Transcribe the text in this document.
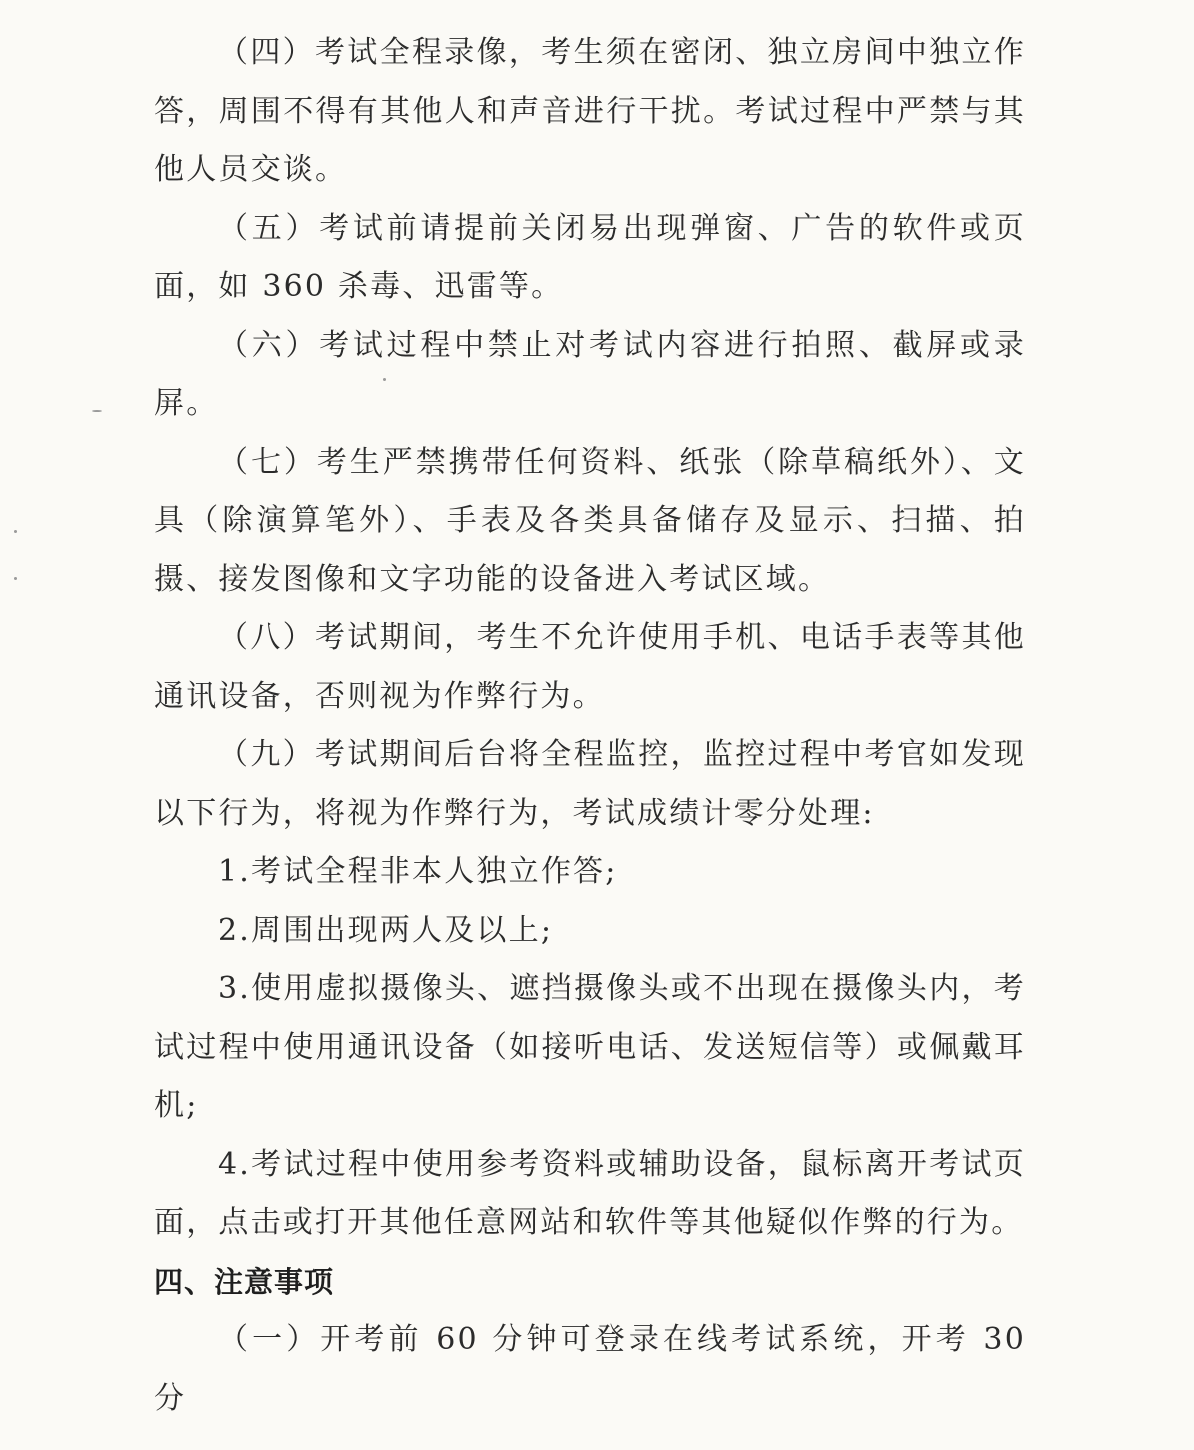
（四）考试全程录像，考生须在密闭、独立房间中独立作答，周围不得有其他人和声音进行干扰。考试过程中严禁与其他人员交谈。

（五）考试前请提前关闭易出现弹窗、广告的软件或页面，如 360 杀毒、迅雷等。

（六）考试过程中禁止对考试内容进行拍照、截屏或录屏。

（七）考生严禁携带任何资料、纸张（除草稿纸外）、文具（除演算笔外）、手表及各类具备储存及显示、扫描、拍摄、接发图像和文字功能的设备进入考试区域。

（八）考试期间，考生不允许使用手机、电话手表等其他通讯设备，否则视为作弊行为。

（九）考试期间后台将全程监控，监控过程中考官如发现以下行为，将视为作弊行为，考试成绩计零分处理:

1.考试全程非本人独立作答;

2.周围出现两人及以上;

3.使用虚拟摄像头、遮挡摄像头或不出现在摄像头内，考试过程中使用通讯设备（如接听电话、发送短信等）或佩戴耳机;

4.考试过程中使用参考资料或辅助设备，鼠标离开考试页面，点击或打开其他任意网站和软件等其他疑似作弊的行为。

四、注意事项

（一）开考前 60 分钟可登录在线考试系统，开考 30 分
